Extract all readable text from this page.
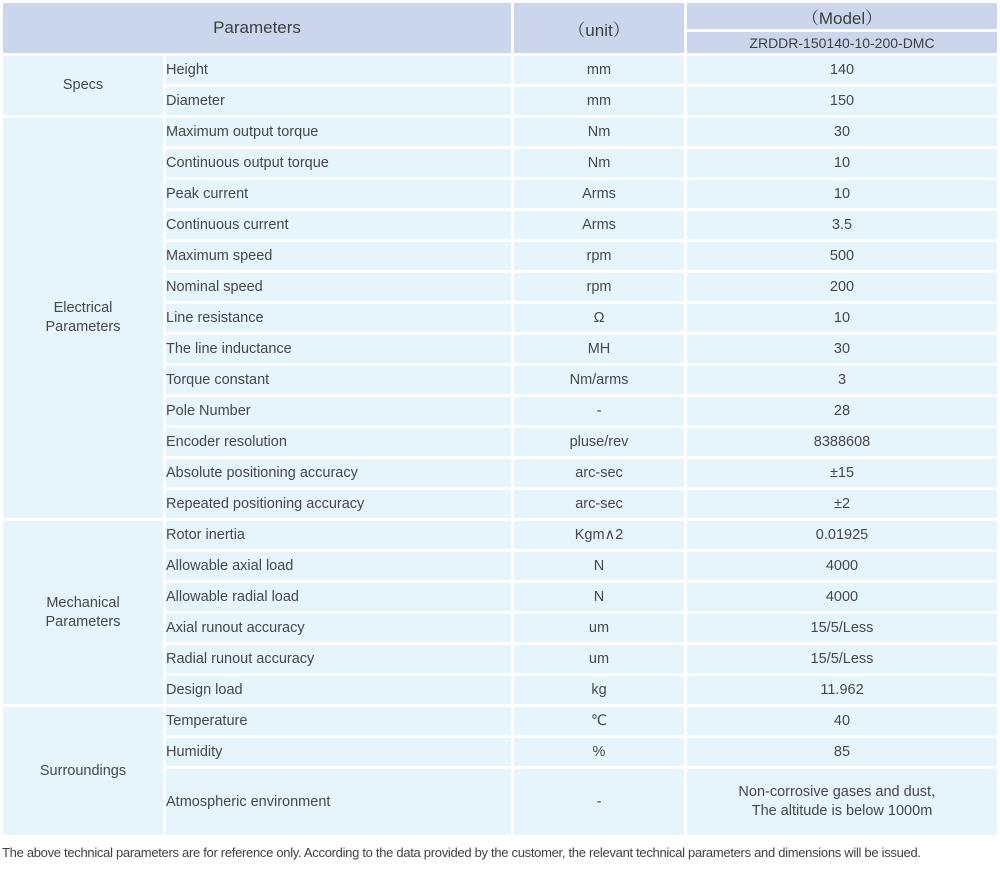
Parameters		（unit）	（Model）
			ZRDDR-150140-10-200-DMC

Specs	Height	mm	140
	Diameter	mm	150

Electrical
Parameters	Maximum output torque	Nm	30
	Continuous output torque	Nm	10
	Peak current	Arms	10
	Continuous current	Arms	3.5
	Maximum speed	rpm	500
	Nominal speed	rpm	200
	Line resistance	Ω	10
	The line inductance	MH	30
	Torque constant	Nm/arms	3
	Pole Number	-	28
	Encoder resolution	pluse/rev	8388608
	Absolute positioning accuracy	arc-sec	±15
	Repeated positioning accuracy	arc-sec	±2

Mechanical
Parameters	Rotor inertia	Kgm∧2	0.01925
	Allowable axial load	N	4000
	Allowable radial load	N	4000
	Axial runout accuracy	um	15/5/Less
	Radial runout accuracy	um	15/5/Less
	Design load	kg	11.962

Surroundings	Temperature	℃	40
	Humidity	%	85
	Atmospheric environment	-	Non-corrosive gases and dust，
The altitude is below 1000m
The above technical parameters are for reference only. According to the data provided by the customer, the relevant technical parameters and dimensions will be issued.
